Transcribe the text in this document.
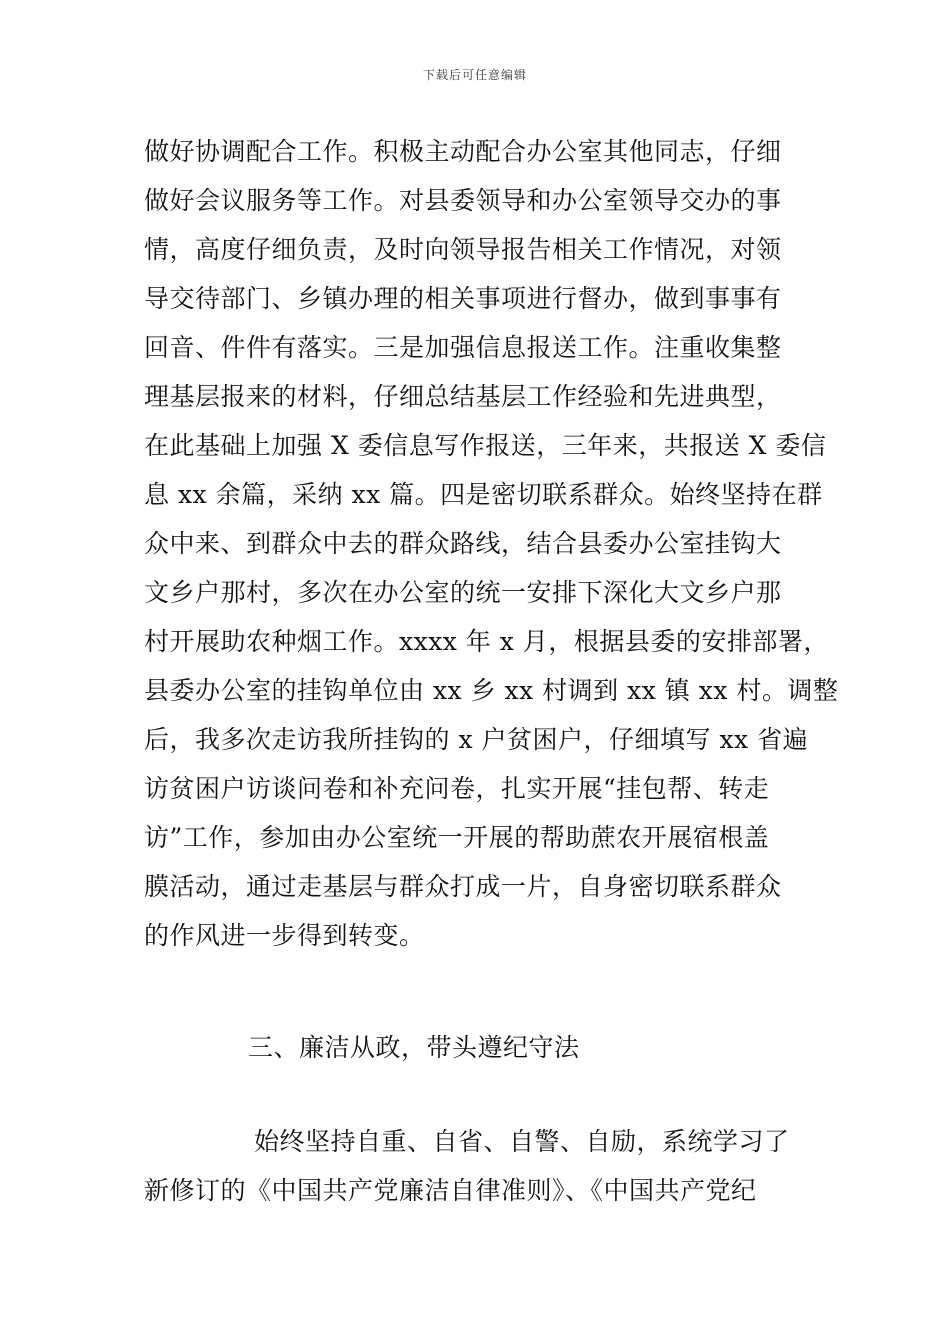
下载后可任意编辑
做好协调配合工作。积极主动配合办公室其他同志，仔细
做好会议服务等工作。对县委领导和办公室领导交办的事
情，高度仔细负责，及时向领导报告相关工作情况，对领
导交待部门、乡镇办理的相关事项进行督办，做到事事有
回音、件件有落实。三是加强信息报送工作。注重收集整
理基层报来的材料，仔细总结基层工作经验和先进典型，
在此基础上加强 X 委信息写作报送，三年来，共报送 X 委信
息 xx 余篇，采纳 xx 篇。四是密切联系群众。始终坚持在群
众中来、到群众中去的群众路线，结合县委办公室挂钩大
文乡户那村，多次在办公室的统一安排下深化大文乡户那
村开展助农种烟工作。xxxx 年 x 月，根据县委的安排部署，
县委办公室的挂钩单位由 xx 乡 xx 村调到 xx 镇 xx 村。调整
后，我多次走访我所挂钩的 x 户贫困户，仔细填写 xx 省遍
访贫困户访谈问卷和补充问卷，扎实开展“挂包帮、转走
访”工作，参加由办公室统一开展的帮助蔗农开展宿根盖
膜活动，通过走基层与群众打成一片，自身密切联系群众
的作风进一步得到转变。
三、廉洁从政，带头遵纪守法
始终坚持自重、自省、自警、自励，系统学习了
新修订的《中国共产党廉洁自律准则》、《中国共产党纪
